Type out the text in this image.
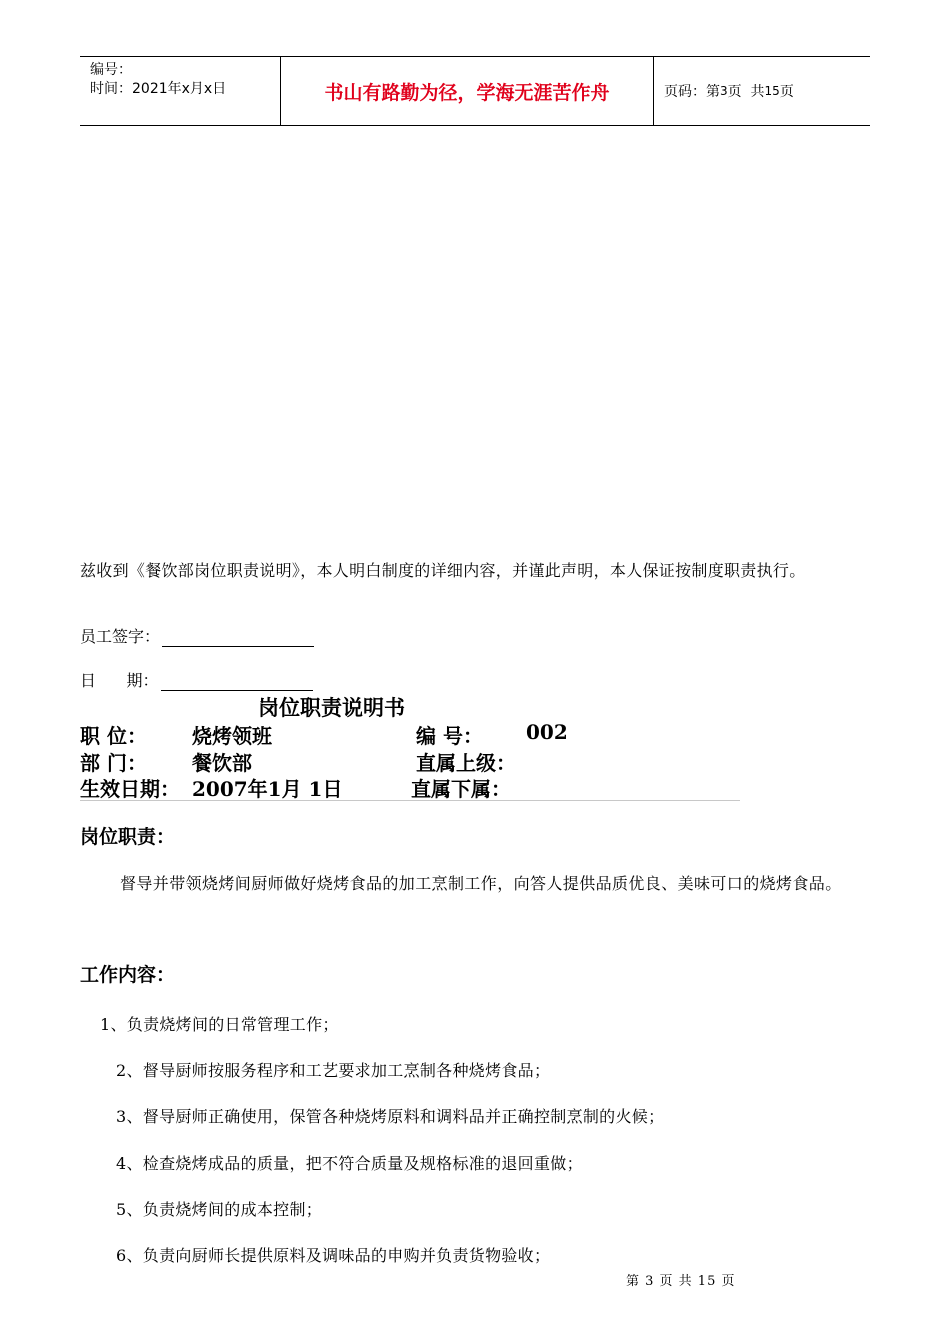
编号：
时间：2021年x月x日	书山有路勤为径，学海无涯苦作舟	页码：第 3 页  共 15 页
兹收到《餐饮部岗位职责说明》，本人明白制度的详细内容，并谨此声明，本人保证按制度职责执行。
员工签字：
日      期：
岗位职责说明书
职 位： 烧烤领班	编 号： 002
部 门： 餐饮部	直属上级：
生效日期： 2007年1月 1日	直属下属：
岗位职责：
督导并带领烧烤间厨师做好烧烤食品的加工烹制工作，向答人提供品质优良、美味可口的烧烤食品。
工作内容：
1、负责烧烤间的日常管理工作；
2、督导厨师按服务程序和工艺要求加工烹制各种烧烤食品；
3、督导厨师正确使用，保管各种烧烤原料和调料品并正确控制烹制的火候；
4、检查烧烤成品的质量，把不符合质量及规格标准的退回重做；
5、负责烧烤间的成本控制；
6、负责向厨师长提供原料及调味品的申购并负责货物验收；
第 3 页 共 15 页
